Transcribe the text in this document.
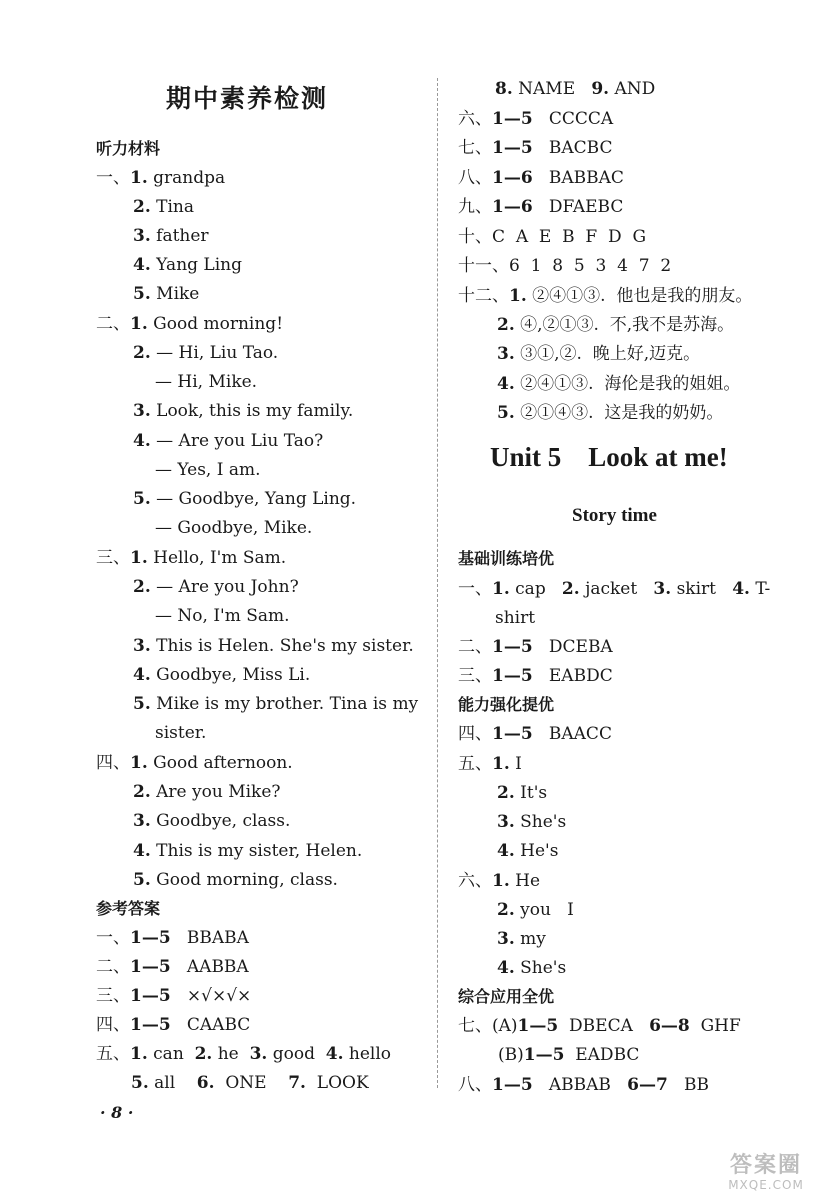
期中素养检测
听力材料
一、1. grandpa
2. Tina
3. father
4. Yang Ling
5. Mike
二、1. Good morning!
2. — Hi, Liu Tao.
— Hi, Mike.
3. Look, this is my family.
4. — Are you Liu Tao?
— Yes, I am.
5. — Goodbye, Yang Ling.
— Goodbye, Mike.
三、1. Hello, I'm Sam.
2. — Are you John?
— No, I'm Sam.
3. This is Helen. She's my sister.
4. Goodbye, Miss Li.
5. Mike is my brother. Tina is my
sister.
四、1. Good afternoon.
2. Are you Mike?
3. Goodbye, class.
4. This is my sister, Helen.
5. Good morning, class.
参考答案
一、1—5 BBABA
二、1—5 AABBA
三、1—5 ×√×√×
四、1—5 CAABC
五、1. can 2. he 3. good 4. hello
5. all 6. ONE 7. LOOK
· 8 ·
8. NAME 9. AND
六、1—5 CCCCA
七、1—5 BACBC
八、1—6 BABBAC
九、1—6 DFAEBC
十、C  A  E  B  F  D  G
十一、6  1  8  5  3  4  7  2
十二、1. ②④①③.  他也是我的朋友。
2. ④,②①③.  不,我不是苏海。
3. ③①,②.  晚上好,迈克。
4. ②④①③.  海伦是我的姐姐。
5. ②①④③.  这是我的奶奶。
Unit 5    Look at me!
Story time
基础训练培优
一、1. cap 2. jacket 3. skirt 4. T-
shirt
二、1—5 DCEBA
三、1—5 EABDC
能力强化提优
四、1—5 BAACC
五、1. I
2. It's
3. She's
4. He's
六、1. He
2. you   I
3. my
4. She's
综合应用全优
七、(A)1—5 DBECA 6—8 GHF
(B)1—5 EADBC
八、1—5 ABBAB 6—7 BB
答案圈
MXQE.COM
